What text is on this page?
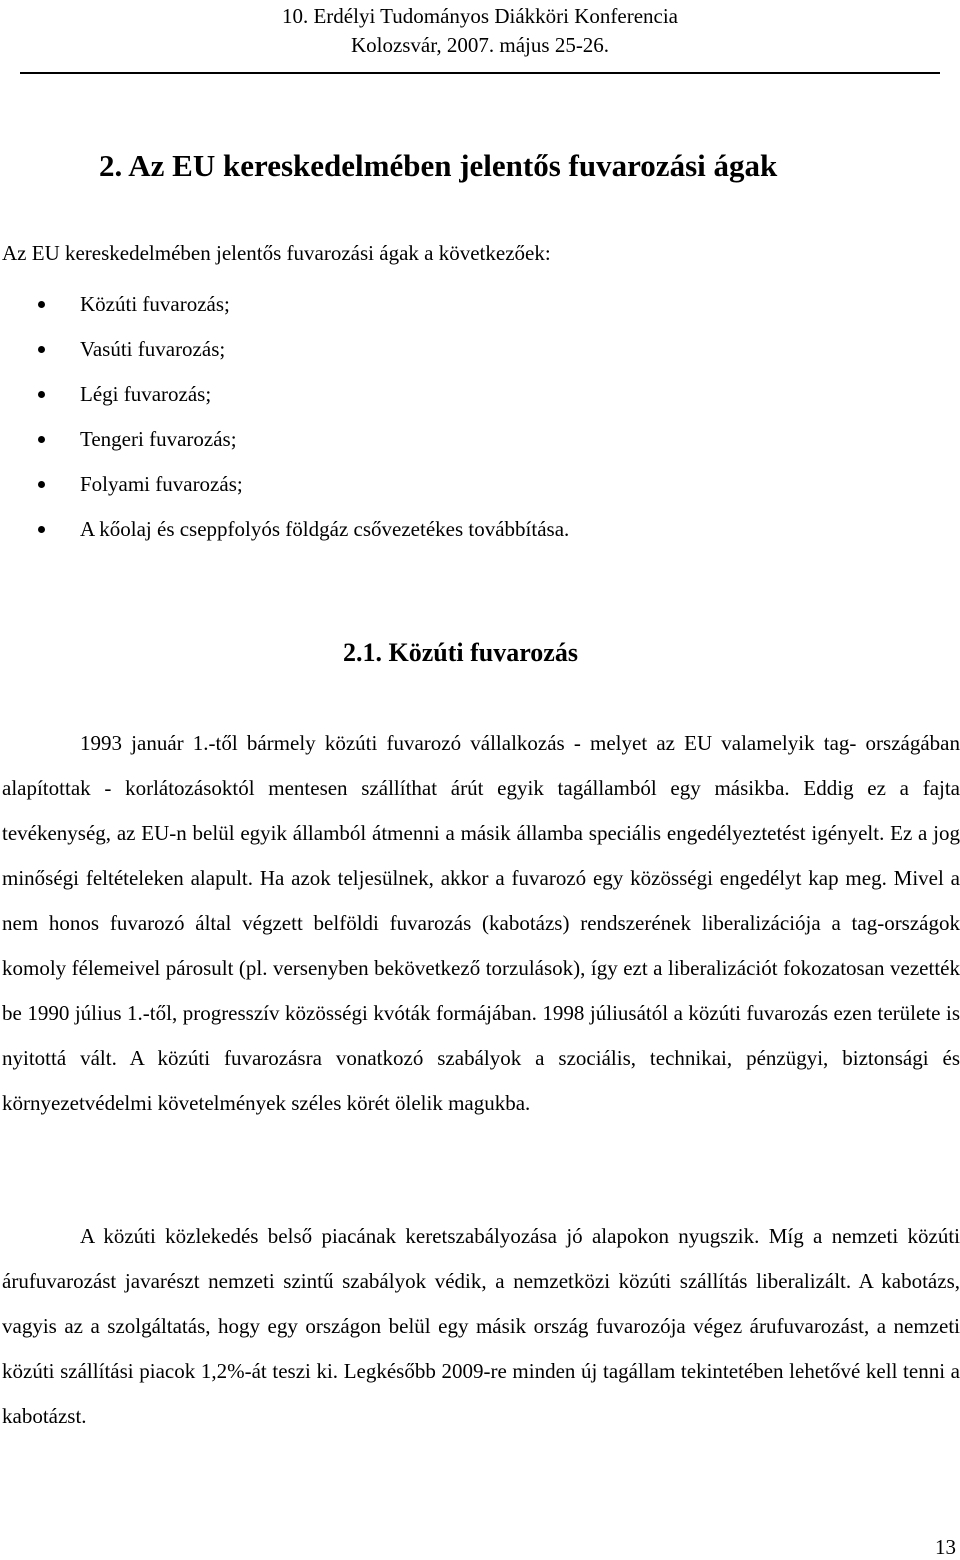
10. Erdélyi Tudományos Diákköri Konferencia
Kolozsvár, 2007. május 25-26.
2. Az EU kereskedelmében jelentős fuvarozási ágak

Az EU kereskedelmében jelentős fuvarozási ágak a következőek:

Közúti fuvarozás;
Vasúti fuvarozás;
Légi fuvarozás;
Tengeri fuvarozás;
Folyami fuvarozás;
A kőolaj és cseppfolyós földgáz csővezetékes továbbítása.
2.1. Közúti fuvarozás

1993 január 1.-től bármely közúti fuvarozó vállalkozás - melyet az EU valamelyik tag- országában alapítottak - korlátozásoktól mentesen szállíthat árút egyik tagállamból egy másikba. Eddig ez a fajta tevékenység, az EU-n belül egyik államból átmenni a másik államba speciális engedélyeztetést igényelt. Ez a jog minőségi feltételeken alapult. Ha azok teljesülnek, akkor a fuvarozó egy közösségi engedélyt kap meg. Mivel a nem honos fuvarozó által végzett belföldi fuvarozás (kabotázs) rendszerének liberalizációja a tag-országok komoly félemeivel párosult (pl. versenyben bekövetkező torzulások), így ezt a liberalizációt fokozatosan vezették be 1990 július 1.-től, progresszív közösségi kvóták formájában. 1998 júliusától a közúti fuvarozás ezen területe is nyitottá vált. A közúti fuvarozásra vonatkozó szabályok a szociális, technikai, pénzügyi, biztonsági és környezetvédelmi követelmények széles körét ölelik magukba.

A közúti közlekedés belső piacának keretszabályozása jó alapokon nyugszik. Míg a nemzeti közúti árufuvarozást javarészt nemzeti szintű szabályok védik, a nemzetközi közúti szállítás liberalizált. A kabotázs, vagyis az a szolgáltatás, hogy egy országon belül egy másik ország fuvarozója végez árufuvarozást, a nemzeti közúti szállítási piacok 1,2%-át teszi ki. Legkésőbb 2009-re minden új tagállam tekintetében lehetővé kell tenni a kabotázst.

13
